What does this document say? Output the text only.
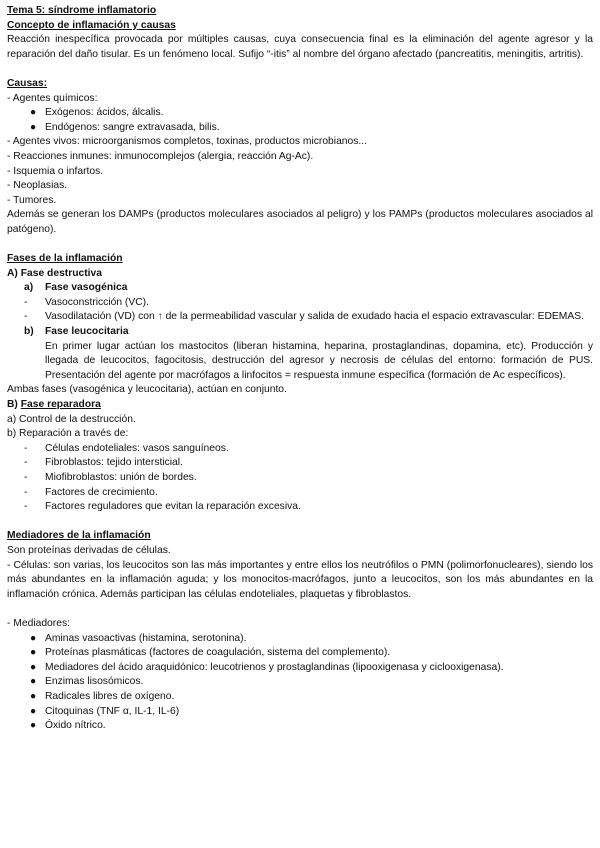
Tema 5: síndrome inflamatorio

Concepto de inflamación y causas

Reacción inespecífica provocada por múltiples causas, cuya consecuencia final es la eliminación del agente agresor y la reparación del daño tisular. Es un fenómeno local. Sufijo “-itis” al nombre del órgano afectado (pancreatitis, meningitis, artritis).

Causas:

- Agentes químicos:

● Exógenos: ácidos, álcalis.
● Endógenos: sangre extravasada, bilis.

- Agentes vivos: microorganismos completos, toxinas, productos microbianos...

- Reacciones inmunes: inmunocomplejos (alergia, reacción Ag-Ac).

- Isquemia o infartos.

- Neoplasias.

- Tumores.

Además se generan los DAMPs (productos moleculares asociados al peligro) y los PAMPs (productos moleculares asociados al patógeno).

Fases de la inflamación

A) Fase destructiva

a) Fase vasogénica
- Vasoconstricción (VC).
- Vasodilatación (VD) con ↑ de la permeabilidad vascular y salida de exudado hacia el espacio extravascular: EDEMAS.
b) Fase leucocitaria

En primer lugar actúan los mastocitos (liberan histamina, heparina, prostaglandinas, dopamina, etc). Producción y llegada de leucocitos, fagocitosis, destrucción del agresor y necrosis de células del entorno: formación de PUS. Presentación del agente por macrófagos a linfocitos = respuesta inmune específica (formación de Ac específicos).

Ambas fases (vasogénica y leucocitaria), actúan en conjunto.

B) Fase reparadora

a) Control de la destrucción.

b) Reparación a través de:

- Células endoteliales: vasos sanguíneos.
- Fibroblastos: tejido intersticial.
- Miofibroblastos: unión de bordes.
- Factores de crecimiento.
- Factores reguladores que evitan la reparación excesiva.

Mediadores de la inflamación

Son proteínas derivadas de células.

- Células: son varias, los leucocitos son las más importantes y entre ellos los neutrófilos o PMN (polimorfonucleares), siendo los más abundantes en la inflamación aguda; y los monocitos-macrófagos, junto a leucocitos, son los más abundantes en la inflamación crónica. Además participan las células endoteliales, plaquetas y fibroblastos.

- Mediadores:

● Aminas vasoactivas (histamina, serotonina).
● Proteínas plasmáticas (factores de coagulación, sistema del complemento).
● Mediadores del ácido araquidónico: leucotrienos y prostaglandinas (lipooxigenasa y ciclooxigenasa).
● Enzimas lisosómicos.
● Radicales libres de oxígeno.
● Citoquinas (TNF α, IL-1, IL-6)
● Óxido nítrico.
